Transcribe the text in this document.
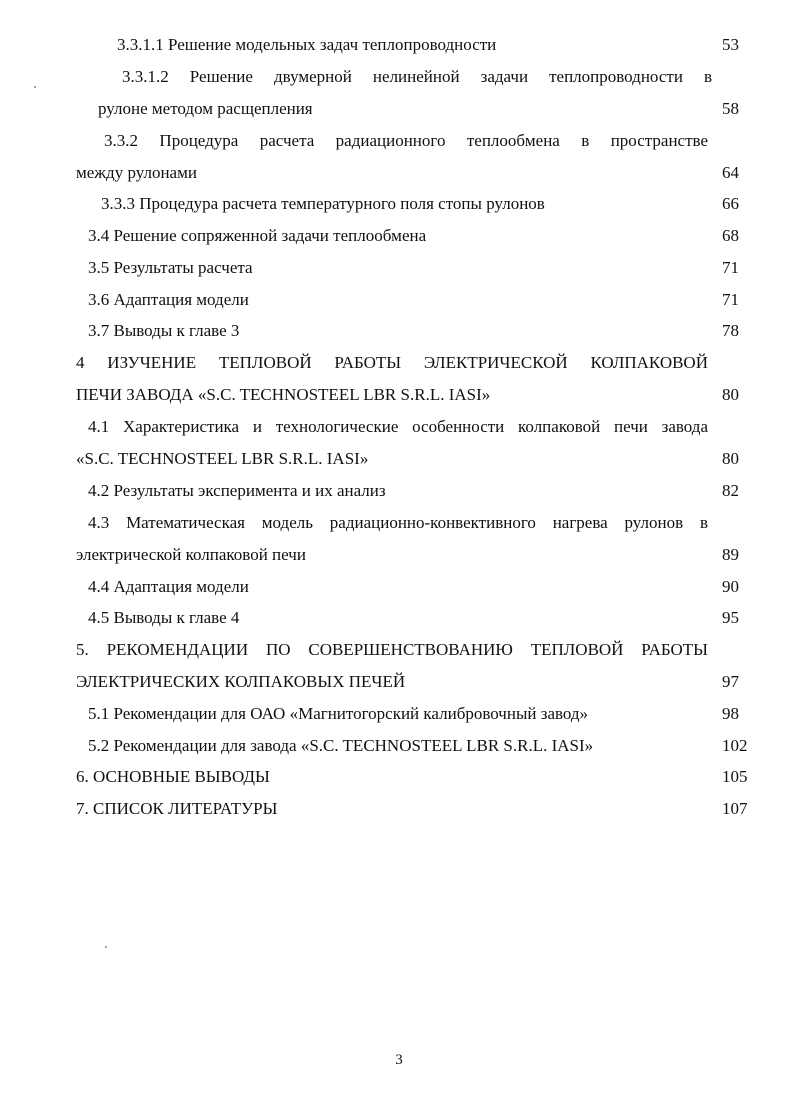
3.3.1.1 Решение модельных задач теплопроводности	53
3.3.1.2 Решение двумерной нелинейной задачи теплопроводности в
рулоне методом расщепления	58
3.3.2 Процедура расчета радиационного теплообмена в пространстве
между рулонами	64
3.3.3 Процедура расчета температурного поля стопы рулонов	66
3.4 Решение сопряженной задачи теплообмена	68
3.5 Результаты расчета	71
3.6 Адаптация модели	71
3.7 Выводы к главе 3	78
4 ИЗУЧЕНИЕ ТЕПЛОВОЙ РАБОТЫ ЭЛЕКТРИЧЕСКОЙ КОЛПАКОВОЙ
ПЕЧИ ЗАВОДА «S.C. TECHNOSTEEL LBR S.R.L. IASI»	80
4.1 Характеристика и технологические особенности колпаковой печи завода
«S.C. TECHNOSTEEL LBR S.R.L. IASI»	80
4.2 Результаты эксперимента и их анализ	82
4.3 Математическая модель радиационно-конвективного нагрева рулонов в
электрической колпаковой печи	89
4.4 Адаптация модели	90
4.5 Выводы к главе 4	95
5. РЕКОМЕНДАЦИИ ПО СОВЕРШЕНСТВОВАНИЮ ТЕПЛОВОЙ РАБОТЫ
ЭЛЕКТРИЧЕСКИХ КОЛПАКОВЫХ ПЕЧЕЙ	97
5.1 Рекомендации для ОАО «Магнитогорский калибровочный завод»	98
5.2 Рекомендации для завода «S.C. TECHNOSTEEL LBR S.R.L. IASI»	102
6. ОСНОВНЫЕ ВЫВОДЫ	105
7. СПИСОК ЛИТЕРАТУРЫ	107
3
